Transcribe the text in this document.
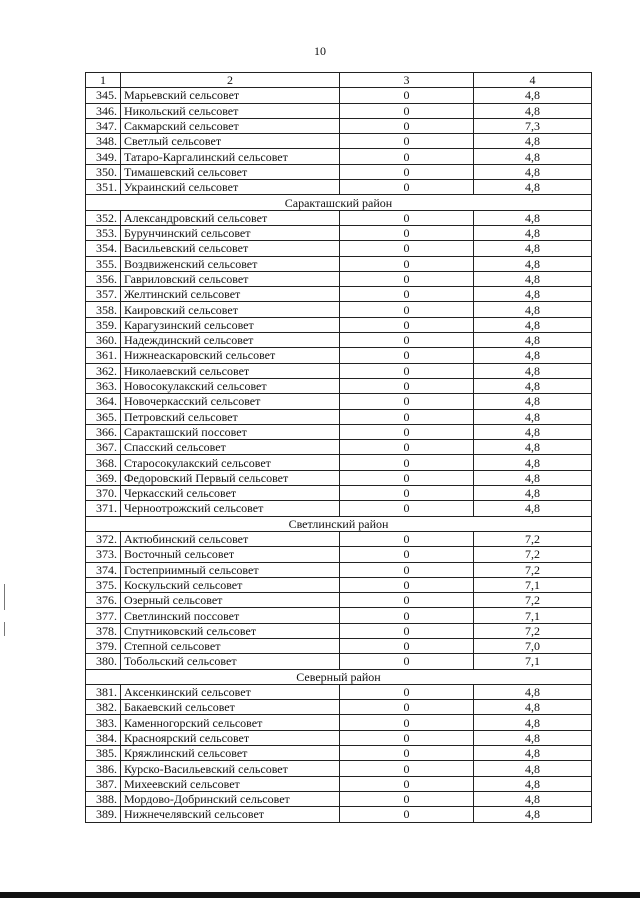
10
1	2	3	4
345.	Марьевский сельсовет	0	4,8
346.	Никольский сельсовет	0	4,8
347.	Сакмарский сельсовет	0	7,3
348.	Светлый сельсовет	0	4,8
349.	Татаро-Каргалинский сельсовет	0	4,8
350.	Тимашевский сельсовет	0	4,8
351.	Украинский сельсовет	0	4,8
Саракташский район			
352.	Александровский сельсовет	0	4,8
353.	Бурунчинский сельсовет	0	4,8
354.	Васильевский сельсовет	0	4,8
355.	Воздвиженский сельсовет	0	4,8
356.	Гавриловский сельсовет	0	4,8
357.	Желтинский сельсовет	0	4,8
358.	Каировский сельсовет	0	4,8
359.	Карагузинский сельсовет	0	4,8
360.	Надеждинский сельсовет	0	4,8
361.	Нижнеаскаровский сельсовет	0	4,8
362.	Николаевский сельсовет	0	4,8
363.	Новосокулакский сельсовет	0	4,8
364.	Новочеркасский сельсовет	0	4,8
365.	Петровский сельсовет	0	4,8
366.	Саракташский поссовет	0	4,8
367.	Спасский сельсовет	0	4,8
368.	Старосокулакский сельсовет	0	4,8
369.	Федоровский Первый сельсовет	0	4,8
370.	Черкасский сельсовет	0	4,8
371.	Черноотрожский сельсовет	0	4,8
Светлинский район			
372.	Актюбинский сельсовет	0	7,2
373.	Восточный сельсовет	0	7,2
374.	Гостеприимный сельсовет	0	7,2
375.	Коскульский сельсовет	0	7,1
376.	Озерный сельсовет	0	7,2
377.	Светлинский поссовет	0	7,1
378.	Спутниковский сельсовет	0	7,2
379.	Степной сельсовет	0	7,0
380.	Тобольский сельсовет	0	7,1
Северный район			
381.	Аксенкинский сельсовет	0	4,8
382.	Бакаевский сельсовет	0	4,8
383.	Каменногорский сельсовет	0	4,8
384.	Красноярский сельсовет	0	4,8
385.	Кряжлинский сельсовет	0	4,8
386.	Курско-Васильевский сельсовет	0	4,8
387.	Михеевский сельсовет	0	4,8
388.	Мордово-Добринский сельсовет	0	4,8
389.	Нижнечелявский сельсовет	0	4,8
